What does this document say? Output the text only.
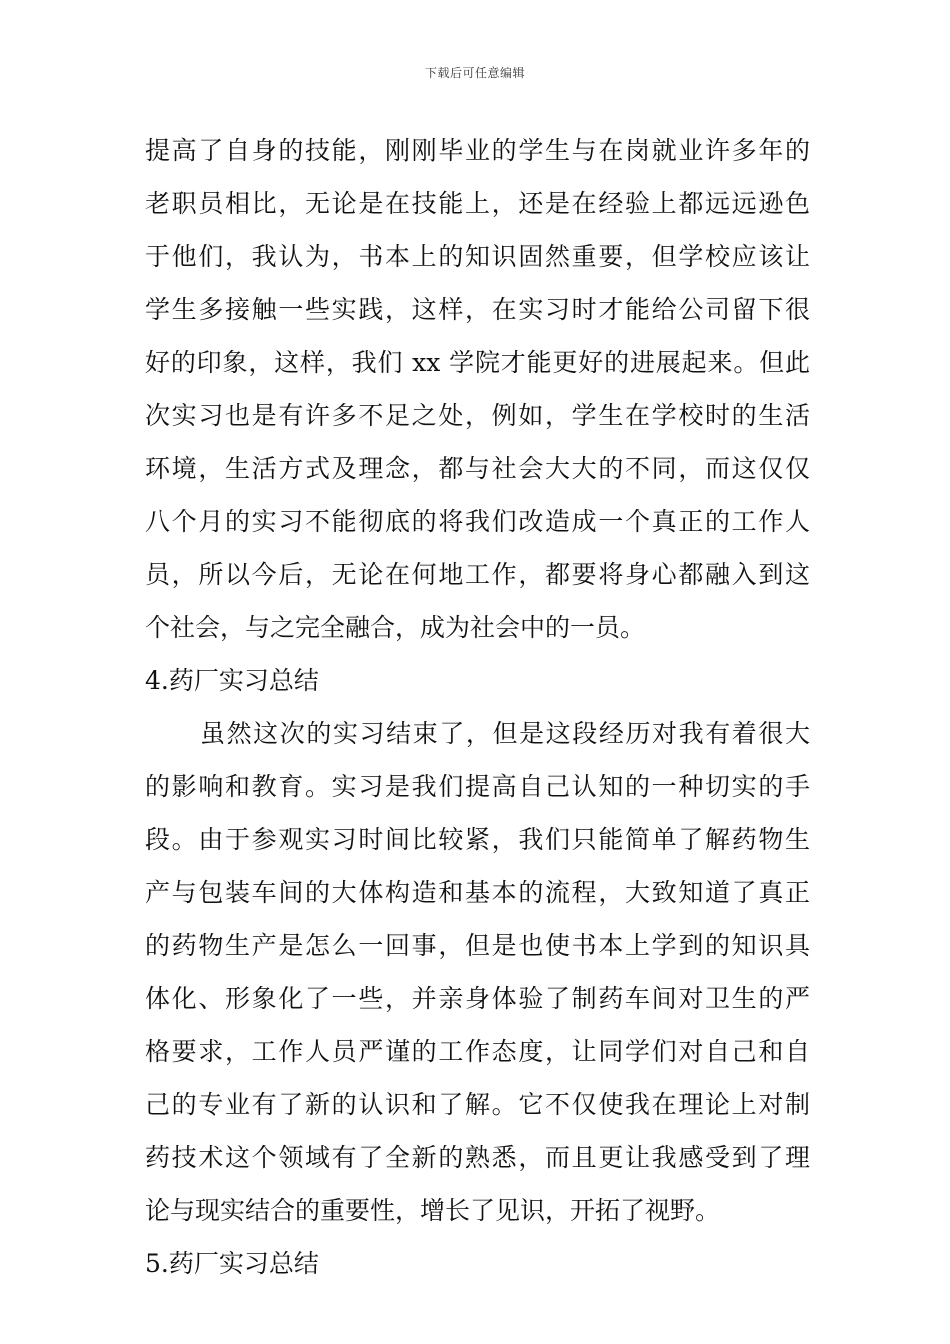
下载后可任意编辑
提高了自身的技能，刚刚毕业的学生与在岗就业许多年的
老职员相比，无论是在技能上，还是在经验上都远远逊色
于他们，我认为，书本上的知识固然重要，但学校应该让
学生多接触一些实践，这样，在实习时才能给公司留下很
好的印象，这样，我们 xx 学院才能更好的进展起来。但此
次实习也是有许多不足之处，例如，学生在学校时的生活
环境，生活方式及理念，都与社会大大的不同，而这仅仅
八个月的实习不能彻底的将我们改造成一个真正的工作人
员，所以今后，无论在何地工作，都要将身心都融入到这
个社会，与之完全融合，成为社会中的一员。
4.药厂实习总结
虽然这次的实习结束了，但是这段经历对我有着很大
的影响和教育。实习是我们提高自己认知的一种切实的手
段。由于参观实习时间比较紧，我们只能简单了解药物生
产与包装车间的大体构造和基本的流程，大致知道了真正
的药物生产是怎么一回事，但是也使书本上学到的知识具
体化、形象化了一些，并亲身体验了制药车间对卫生的严
格要求，工作人员严谨的工作态度，让同学们对自己和自
己的专业有了新的认识和了解。它不仅使我在理论上对制
药技术这个领域有了全新的熟悉，而且更让我感受到了理
论与现实结合的重要性，增长了见识，开拓了视野。
5.药厂实习总结
